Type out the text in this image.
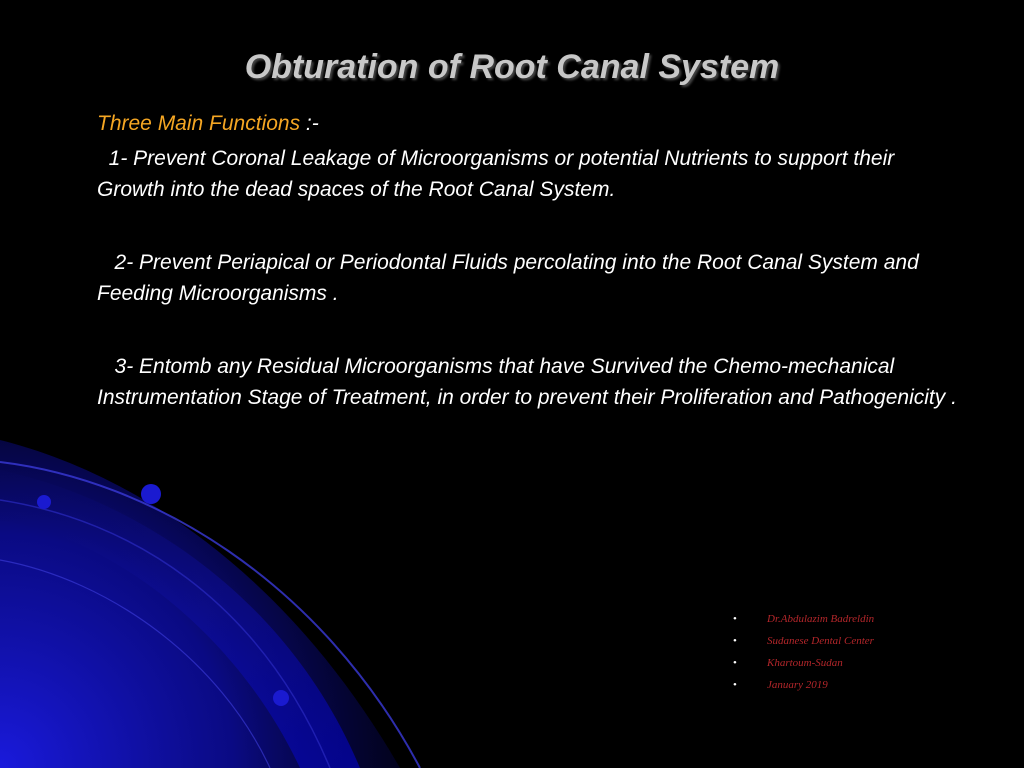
Obturation of Root Canal System

Three Main Functions :-

1- Prevent Coronal Leakage of Microorganisms or potential Nutrients to support their Growth into the dead spaces of the Root Canal System.

2- Prevent Periapical or Periodontal Fluids percolating into the Root Canal System and Feeding Microorganisms .

3- Entomb any Residual Microorganisms that have Survived the Chemo-mechanical Instrumentation Stage of Treatment, in order to prevent their Proliferation and Pathogenicity .

•	Dr.Abdulazim Badreldin
•	Sudanese Dental Center
•	Khartoum-Sudan
•	January 2019
